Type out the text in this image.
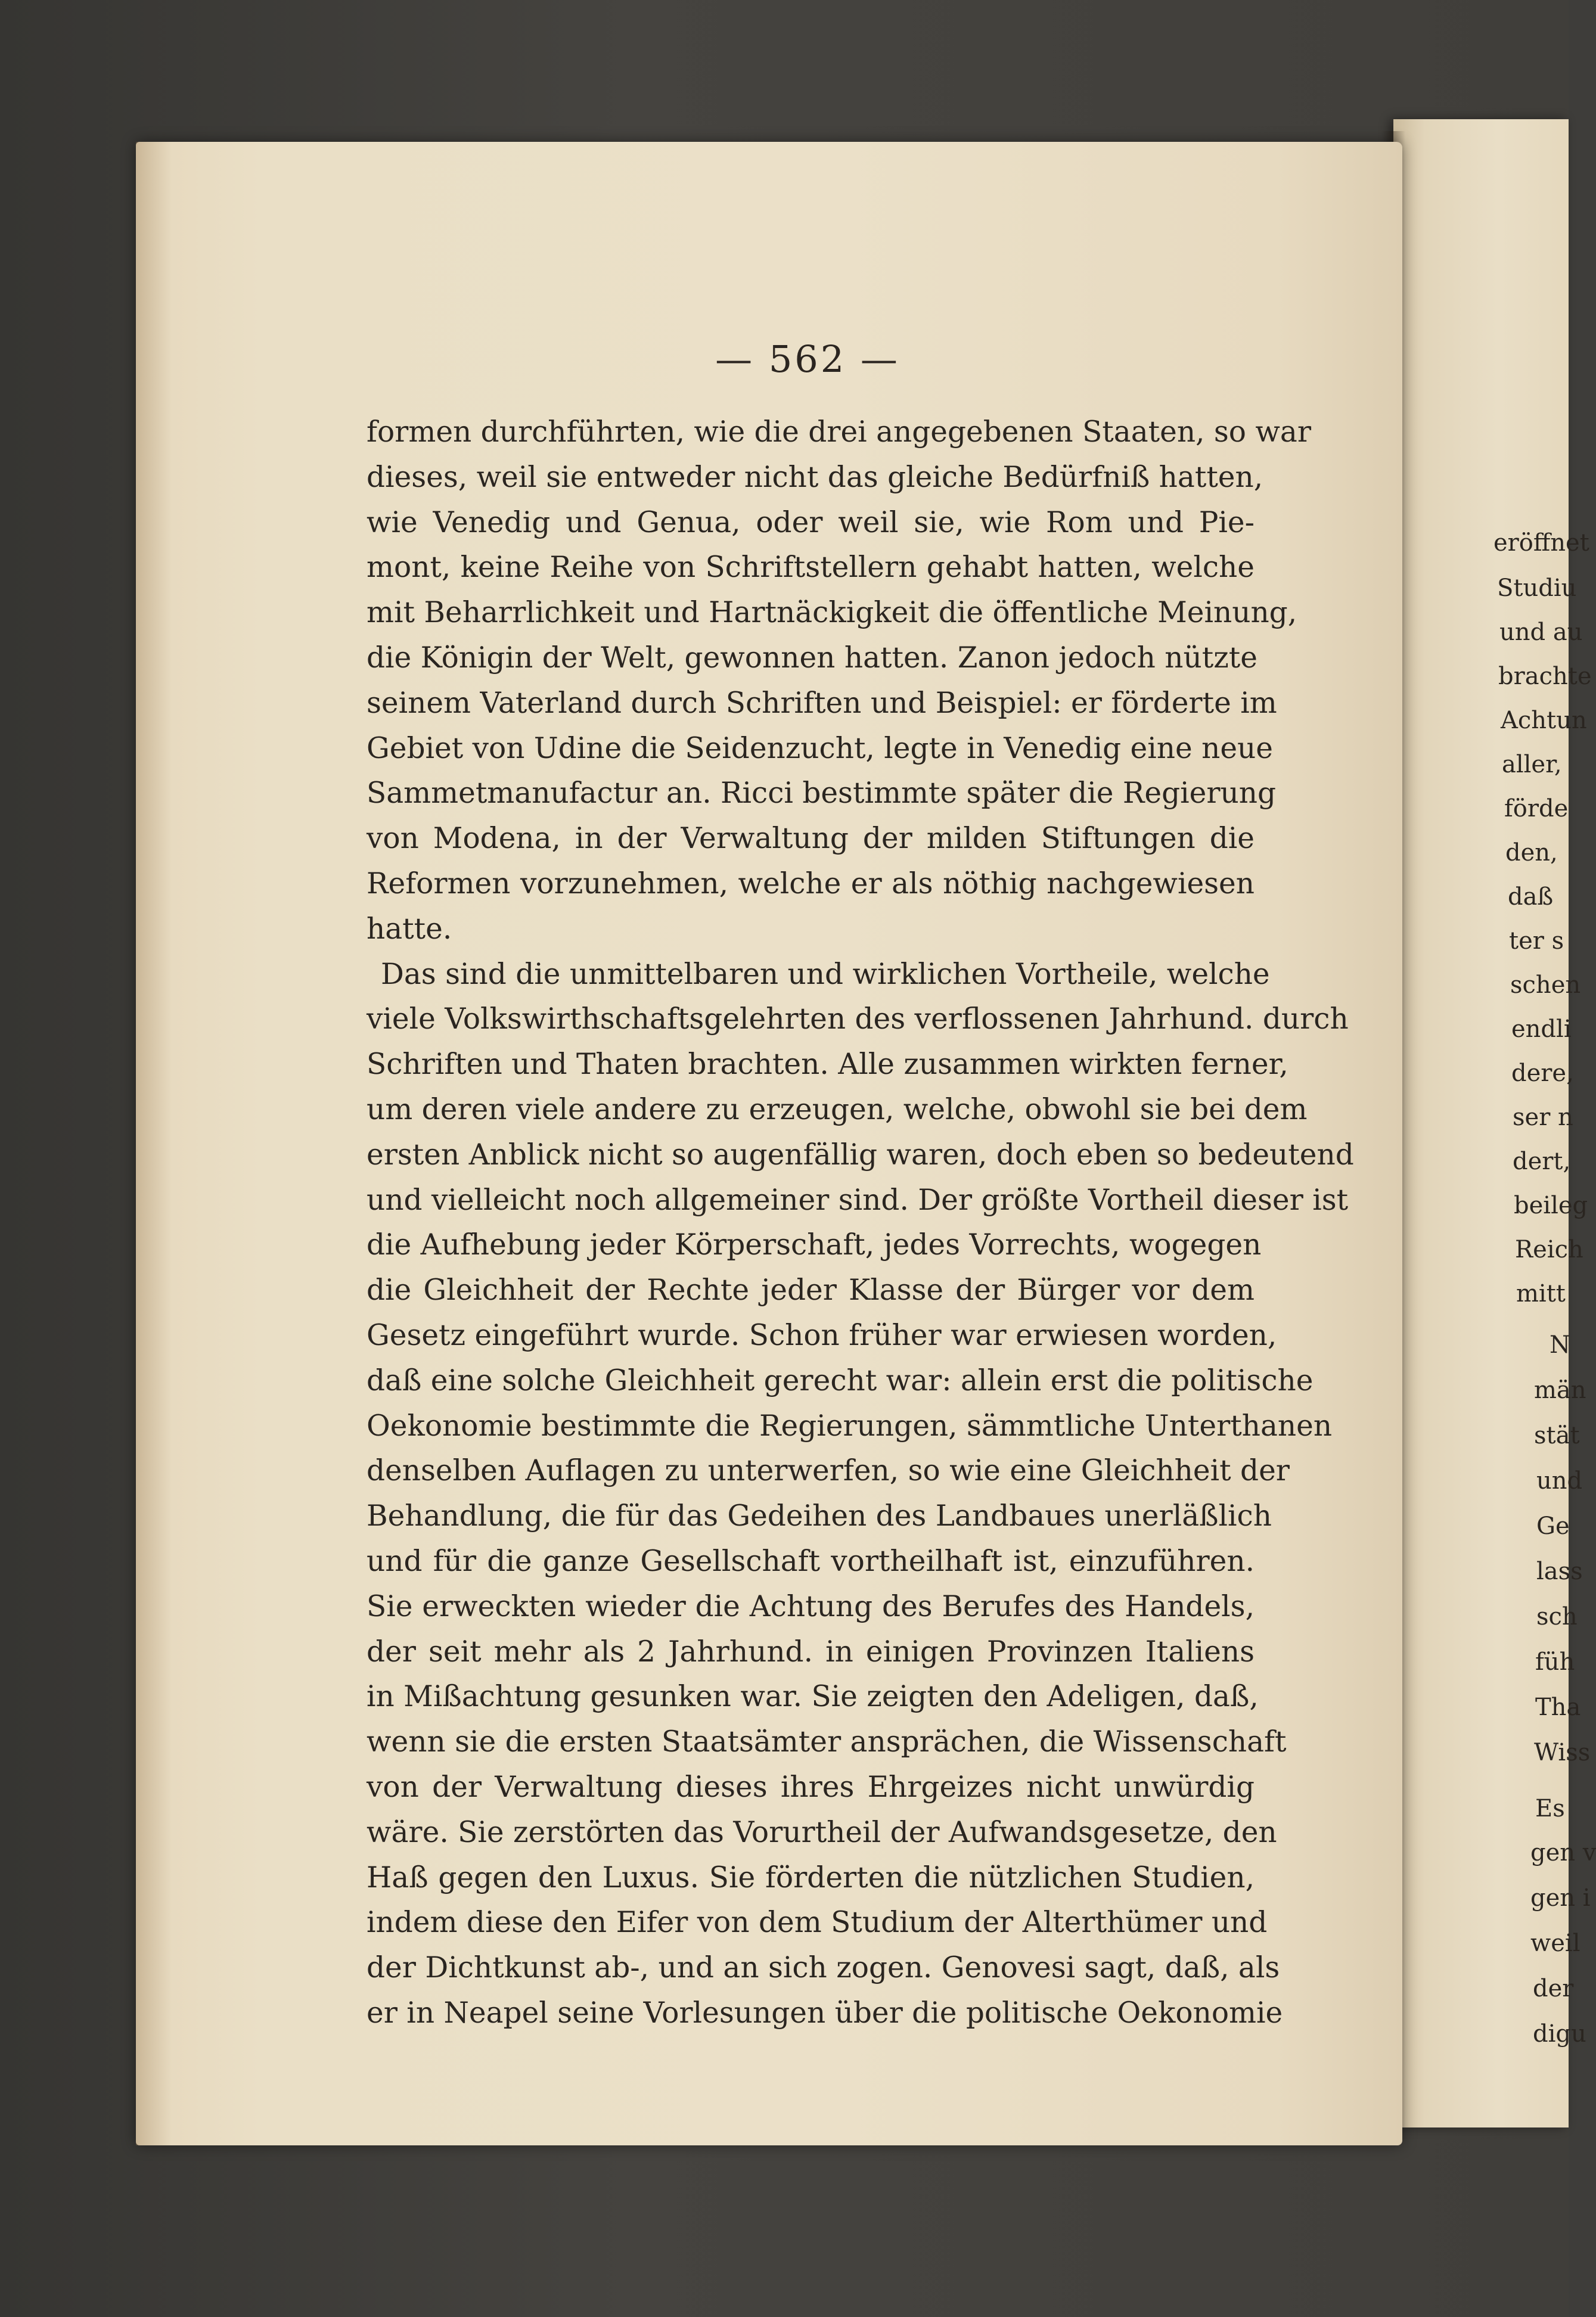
eröffnet
Studiu
und au
brachte
Achtun
aller,
förde
den,
daß
ter s
schen
endli
dere,
ser n
dert,
beileg
Reich
mitt
N
män
stät
und
Ge
lass
sch
füh
Tha
Wiss
Es
gen v
gen i
weil
der
digu
— 562 —
formen durchführten, wie die drei angegebenen Staaten, so war
dieses, weil sie entweder nicht das gleiche Bedürfniß hatten,
wie Venedig und Genua, oder weil sie, wie Rom und Pie-
mont, keine Reihe von Schriftstellern gehabt hatten, welche
mit Beharrlichkeit und Hartnäckigkeit die öffentliche Meinung,
die Königin der Welt, gewonnen hatten. Zanon jedoch nützte
seinem Vaterland durch Schriften und Beispiel: er förderte im
Gebiet von Udine die Seidenzucht, legte in Venedig eine neue
Sammetmanufactur an. Ricci bestimmte später die Regierung
von Modena, in der Verwaltung der milden Stiftungen die
Reformen vorzunehmen, welche er als nöthig nachgewiesen
hatte.
Das sind die unmittelbaren und wirklichen Vortheile, welche
viele Volkswirthschaftsgelehrten des verflossenen Jahrhund. durch
Schriften und Thaten brachten. Alle zusammen wirkten ferner,
um deren viele andere zu erzeugen, welche, obwohl sie bei dem
ersten Anblick nicht so augenfällig waren, doch eben so bedeutend
und vielleicht noch allgemeiner sind. Der größte Vortheil dieser ist
die Aufhebung jeder Körperschaft, jedes Vorrechts, wogegen
die Gleichheit der Rechte jeder Klasse der Bürger vor dem
Gesetz eingeführt wurde. Schon früher war erwiesen worden,
daß eine solche Gleichheit gerecht war: allein erst die politische
Oekonomie bestimmte die Regierungen, sämmtliche Unterthanen
denselben Auflagen zu unterwerfen, so wie eine Gleichheit der
Behandlung, die für das Gedeihen des Landbaues unerläßlich
und für die ganze Gesellschaft vortheilhaft ist, einzuführen.
Sie erweckten wieder die Achtung des Berufes des Handels,
der seit mehr als 2 Jahrhund. in einigen Provinzen Italiens
in Mißachtung gesunken war. Sie zeigten den Adeligen, daß,
wenn sie die ersten Staatsämter ansprächen, die Wissenschaft
von der Verwaltung dieses ihres Ehrgeizes nicht unwürdig
wäre. Sie zerstörten das Vorurtheil der Aufwandsgesetze, den
Haß gegen den Luxus. Sie förderten die nützlichen Studien,
indem diese den Eifer von dem Studium der Alterthümer und
der Dichtkunst ab-, und an sich zogen. Genovesi sagt, daß, als
er in Neapel seine Vorlesungen über die politische Oekonomie
